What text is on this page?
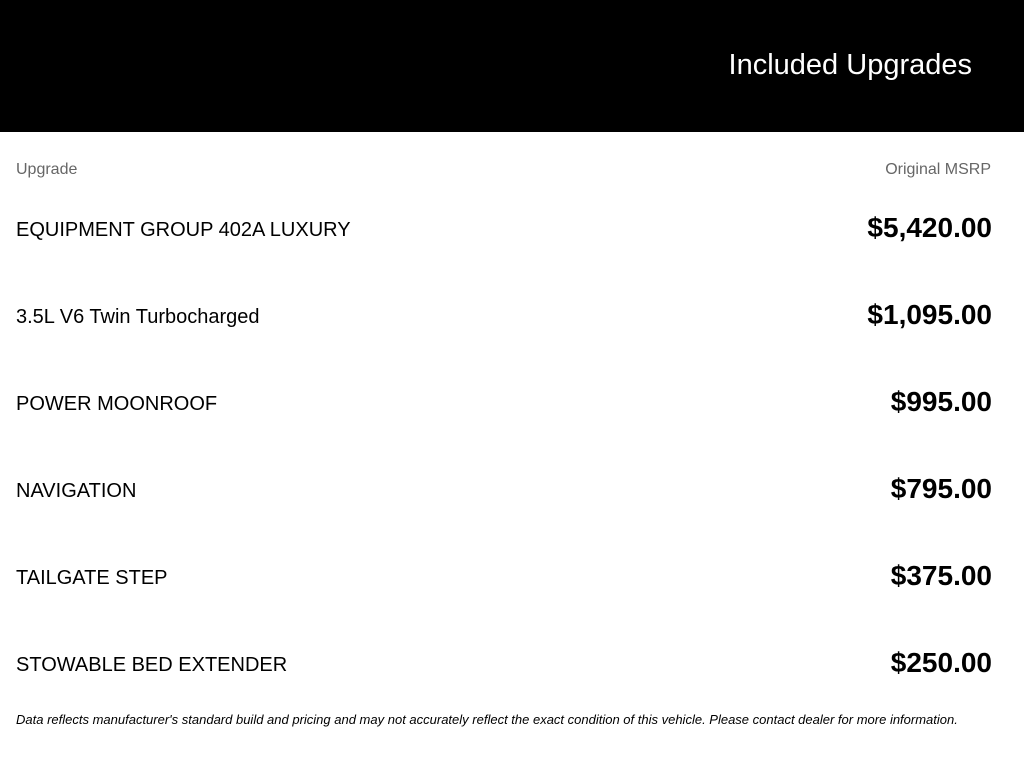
Included Upgrades
Upgrade	Original MSRP
EQUIPMENT GROUP 402A LUXURY	$5,420.00
3.5L V6 Twin Turbocharged	$1,095.00
POWER MOONROOF	$995.00
NAVIGATION	$795.00
TAILGATE STEP	$375.00
STOWABLE BED EXTENDER	$250.00
Data reflects manufacturer's standard build and pricing and may not accurately reflect the exact condition of this vehicle. Please contact dealer for more information.
